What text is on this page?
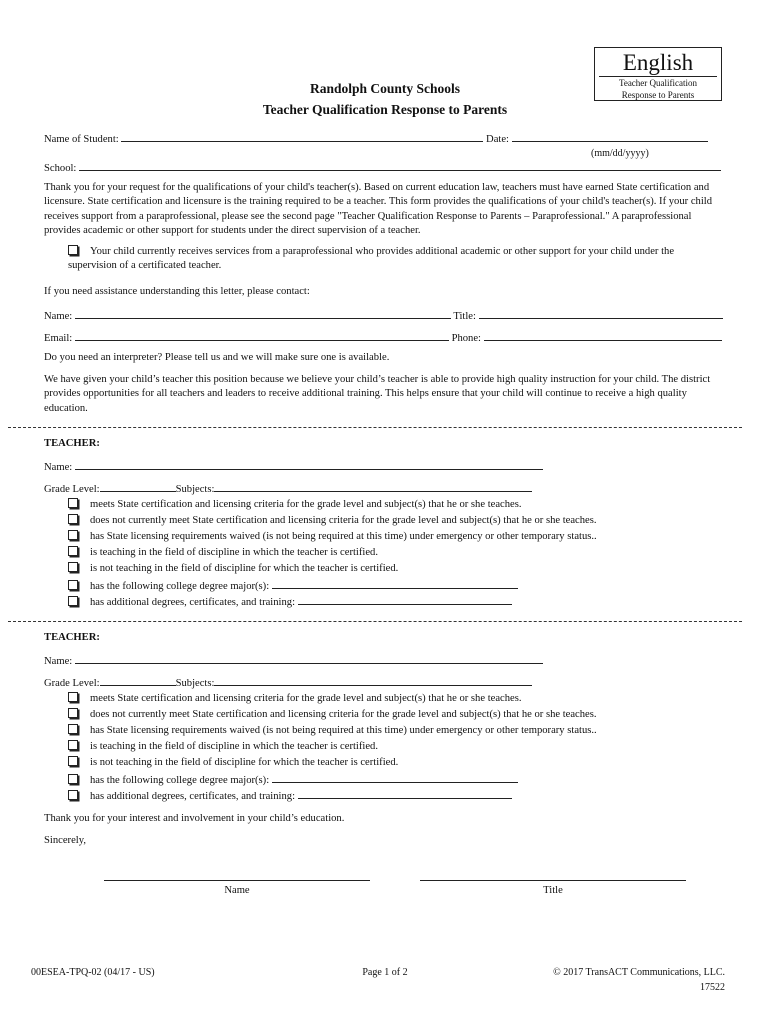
English
Teacher Qualification
Response to Parents
Randolph County Schools
Teacher Qualification Response to Parents
Name of Student:	Date:
(mm/dd/yyyy)
School:
Thank you for your request for the qualifications of your child's teacher(s). Based on current education law, teachers must have earned State certification and licensure. State certification and licensure is the training required to be a teacher. This form provides the qualifications of your child's teacher(s). If your child receives support from a paraprofessional, please see the second page "Teacher Qualification Response to Parents – Paraprofessional." A paraprofessional provides academic or other support for students under the direct supervision of a teacher.
Your child currently receives services from a paraprofessional who provides additional academic or other support for your child under the supervision of a certificated teacher.
If you need assistance understanding this letter, please contact:
Name:	Title:
Email:	Phone:
Do you need an interpreter? Please tell us and we will make sure one is available.
We have given your child’s teacher this position because we believe your child’s teacher is able to provide high quality instruction for your child. The district provides opportunities for all teachers and leaders to receive additional training. This helps ensure that your child will continue to receive a high quality education.
TEACHER:
Name:
Grade Level:	Subjects:
meets State certification and licensing criteria for the grade level and subject(s) that he or she teaches.
does not currently meet State certification and licensing criteria for the grade level and subject(s) that he or she teaches.
has State licensing requirements waived (is not being required at this time) under emergency or other temporary status..
is teaching in the field of discipline in which the teacher is certified.
is not teaching in the field of discipline for which the teacher is certified.
has the following college degree major(s):
has additional degrees, certificates, and training:
TEACHER:
Name:
Grade Level:	Subjects:
meets State certification and licensing criteria for the grade level and subject(s) that he or she teaches.
does not currently meet State certification and licensing criteria for the grade level and subject(s) that he or she teaches.
has State licensing requirements waived (is not being required at this time) under emergency or other temporary status..
is teaching in the field of discipline in which the teacher is certified.
is not teaching in the field of discipline for which the teacher is certified.
has the following college degree major(s):
has additional degrees, certificates, and training:
Thank you for your interest and involvement in your child’s education.
Sincerely,
Name	Title
00ESEA-TPQ-02 (04/17 - US)	Page 1 of 2	© 2017 TransACT Communications, LLC.
17522
